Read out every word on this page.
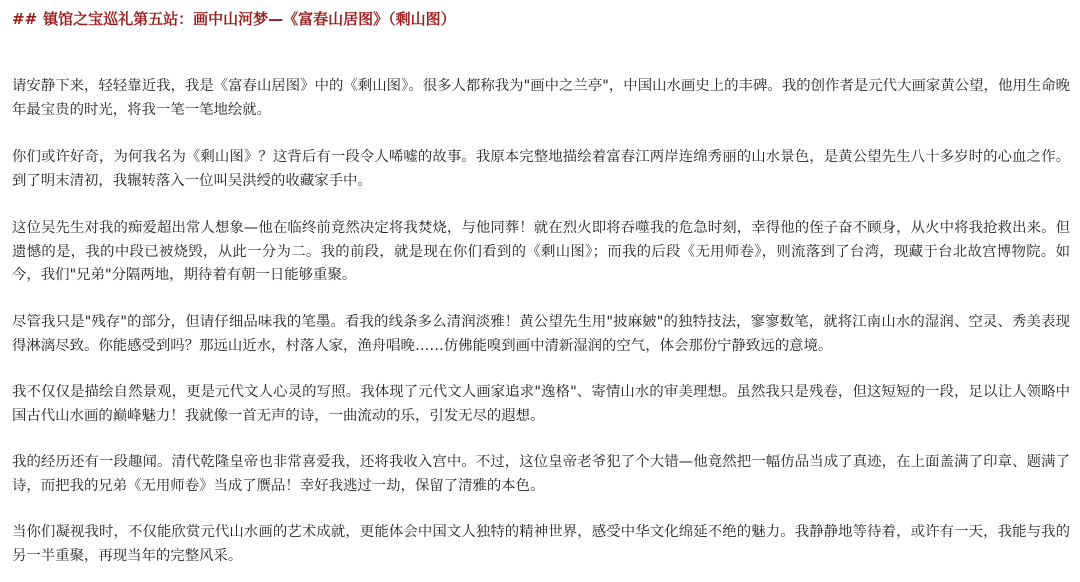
## 镇馆之宝巡礼第五站：画中山河梦—《富春山居图》（剩山图）

请安静下来，轻轻靠近我，我是《富春山居图》中的《剩山图》。很多人都称我为"画中之兰亭"，中国山水画史上的丰碑。我的创作者是元代大画家黄公望，他用生命晚年最宝贵的时光，将我一笔一笔地绘就。

你们或许好奇，为何我名为《剩山图》？这背后有一段令人唏嘘的故事。我原本完整地描绘着富春江两岸连绵秀丽的山水景色，是黄公望先生八十多岁时的心血之作。到了明末清初，我辗转落入一位叫吴洪绶的收藏家手中。

这位吴先生对我的痴爱超出常人想象—他在临终前竟然决定将我焚烧，与他同葬！就在烈火即将吞噬我的危急时刻，幸得他的侄子奋不顾身，从火中将我抢救出来。但遗憾的是，我的中段已被烧毁，从此一分为二。我的前段，就是现在你们看到的《剩山图》；而我的后段《无用师卷》，则流落到了台湾，现藏于台北故宫博物院。如今，我们"兄弟"分隔两地，期待着有朝一日能够重聚。

尽管我只是"残存"的部分，但请仔细品味我的笔墨。看我的线条多么清润淡雅！黄公望先生用"披麻皴"的独特技法，寥寥数笔，就将江南山水的湿润、空灵、秀美表现得淋漓尽致。你能感受到吗？那远山近水，村落人家，渔舟唱晚……仿佛能嗅到画中清新湿润的空气，体会那份宁静致远的意境。

我不仅仅是描绘自然景观，更是元代文人心灵的写照。我体现了元代文人画家追求"逸格"、寄情山水的审美理想。虽然我只是残卷，但这短短的一段，足以让人领略中国古代山水画的巅峰魅力！我就像一首无声的诗，一曲流动的乐，引发无尽的遐想。

我的经历还有一段趣闻。清代乾隆皇帝也非常喜爱我，还将我收入宫中。不过，这位皇帝老爷犯了个大错—他竟然把一幅仿品当成了真迹，在上面盖满了印章、题满了诗，而把我的兄弟《无用师卷》当成了赝品！幸好我逃过一劫，保留了清雅的本色。

当你们凝视我时，不仅能欣赏元代山水画的艺术成就，更能体会中国文人独特的精神世界，感受中华文化绵延不绝的魅力。我静静地等待着，或许有一天，我能与我的另一半重聚，再现当年的完整风采。
